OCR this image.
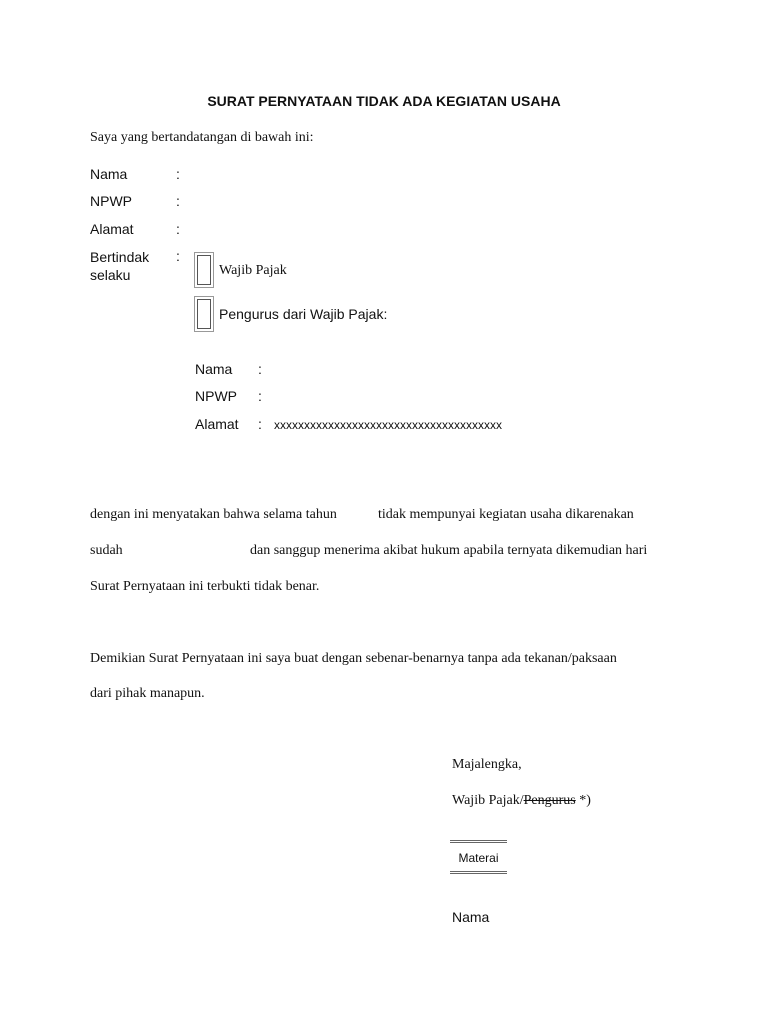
SURAT PERNYATAAN TIDAK ADA KEGIATAN USAHA
Saya yang bertandatangan di bawah ini:
Nama	:
NPWP	:
Alamat	:
Bertindak selaku
:
Wajib Pajak
Pengurus dari Wajib Pajak:
Nama :
NPWP :
Alamat : xxxxxxxxxxxxxxxxxxxxxxxxxxxxxxxxxxxxxx
dengan ini menyatakan bahwa selama tahun	tidak mempunyai kegiatan usaha dikarenakan
sudah	dan sanggup menerima akibat hukum apabila ternyata dikemudian hari
Surat Pernyataan ini terbukti tidak benar.
Demikian Surat Pernyataan ini saya buat dengan sebenar-benarnya tanpa ada tekanan/paksaan
dari pihak manapun.
Majalengka,
Wajib Pajak/Pengurus *)
Materai
Nama
